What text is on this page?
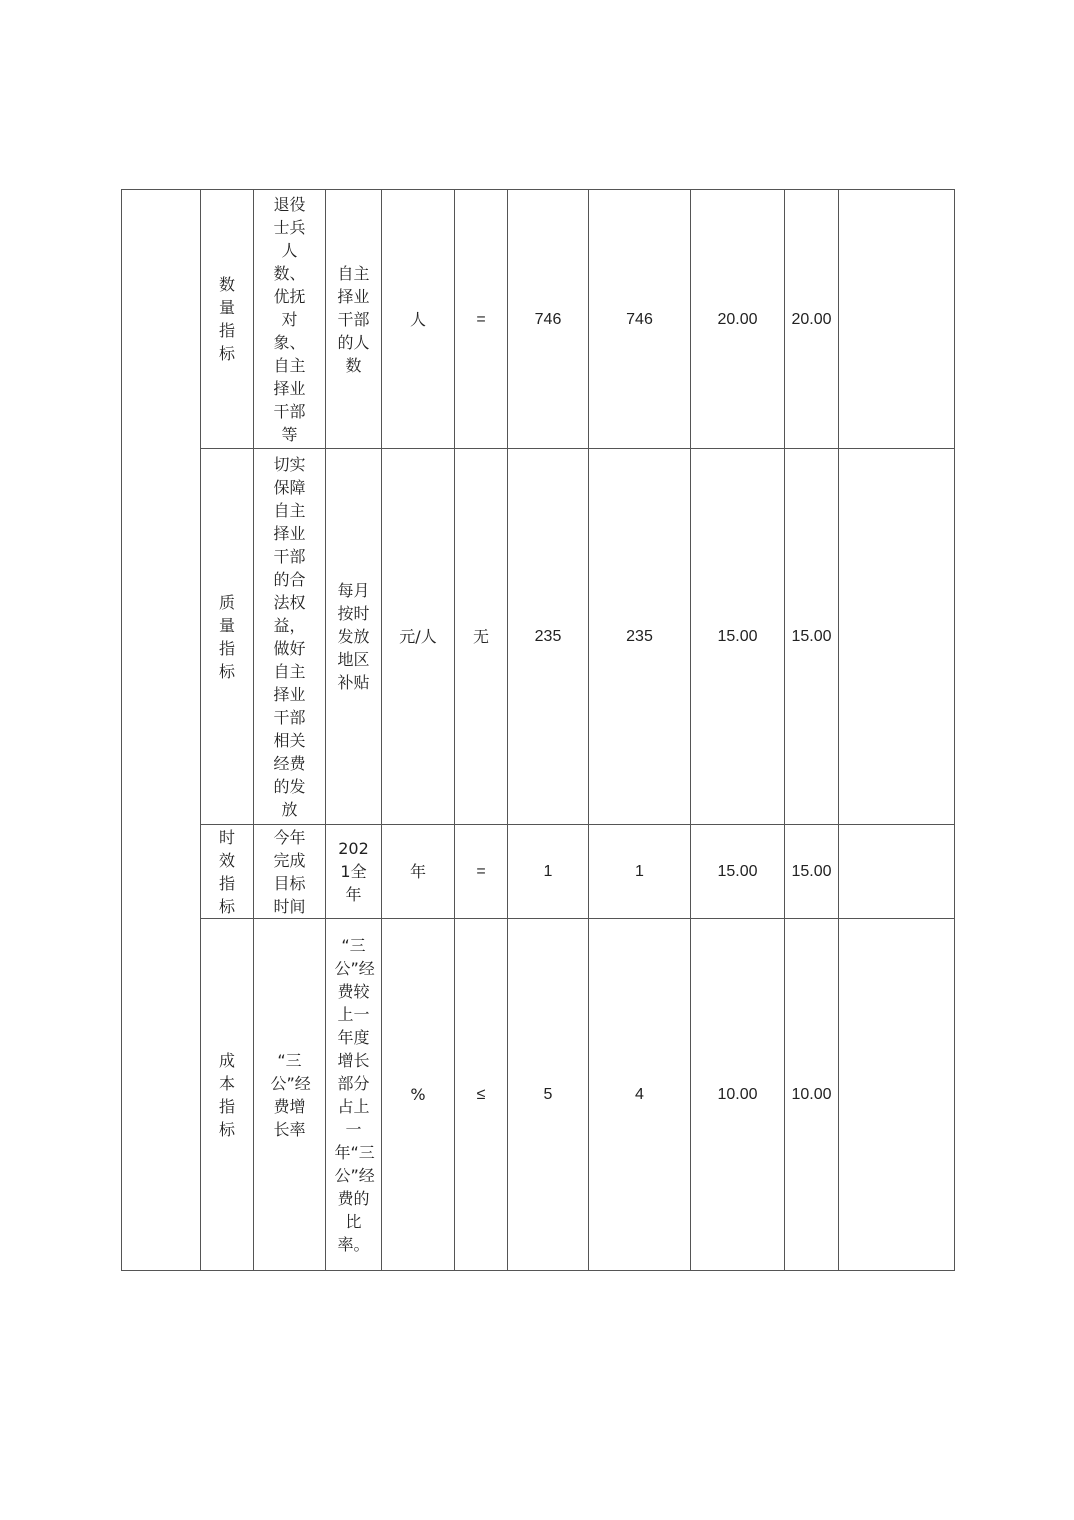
	数量指标	退役士兵人数、优抚对象、自主择业干部等	自主择业干部的人数	人	=	746	746	20.00	20.00	
	质量指标	切实保障自主择业干部的合法权益，做好自主择业干部相关经费的发放	每月按时发放地区补贴	元/人	无	235	235	15.00	15.00	
	时效指标	今年完成目标时间	2021全年	年	=	1	1	15.00	15.00	
	成本指标	“三公”经费增长率	“三公”经费较上一年度增长部分占上一年“三公”经费的比率。	%	≤	5	4	10.00	10.00	
